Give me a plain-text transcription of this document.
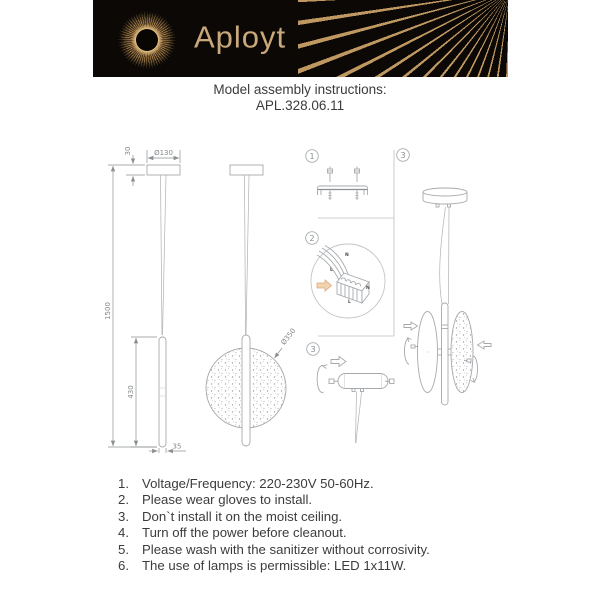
Aployt
Model assembly instructions:
APL.328.06.11
1500
30	Ø130
430
35
Ø350
1
2
N
L
N
L
3
3
1. Voltage/Frequency: 220-230V 50-60Hz.
2. Please wear gloves to install.
3. Don`t install it on the moist ceiling.
4. Turn off the power before cleanout.
5. Please wash with the sanitizer without corrosivity.
6. The use of lamps is permissible: LED 1x11W.
